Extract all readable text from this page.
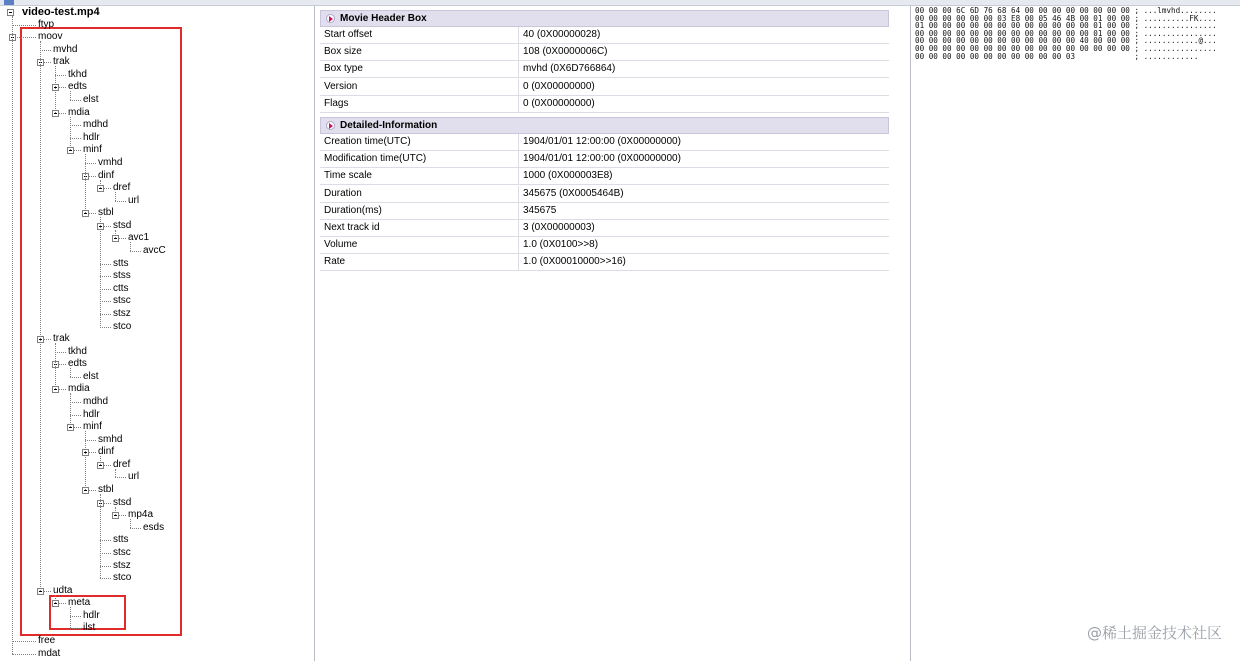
video-test.mp4
ftyp
moov
mvhd
trak
tkhd
edts
elst
mdia
mdhd
hdlr
minf
vmhd
dinf
dref
url
stbl
stsd
avc1
avcC
stts
stss
ctts
stsc
stsz
stco
trak
tkhd
edts
elst
mdia
mdhd
hdlr
minf
smhd
dinf
dref
url
stbl
stsd
mp4a
esds
stts
stsc
stsz
stco
udta
meta
hdlr
ilst
free
mdat
Movie Header Box
Start offset	40 (0X00000028)
Box size	108 (0X0000006C)
Box type	mvhd (0X6D766864)
Version	0 (0X00000000)
Flags	0 (0X00000000)
Detailed-Information
Creation time(UTC)	1904/01/01 12:00:00 (0X00000000)
Modification time(UTC)	1904/01/01 12:00:00 (0X00000000)
Time scale	1000 (0X000003E8)
Duration	345675 (0X0005464B)
Duration(ms)	345675
Next track id	3 (0X00000003)
Volume	1.0 (0X0100>>8)
Rate	1.0 (0X00010000>>16)
00 00 00 6C 6D 76 68 64 00 00 00 00 00 00 00 00 ; ...lmvhd........
00 00 00 00 00 00 03 E8 00 05 46 4B 00 01 00 00 ; ..........FK....
01 00 00 00 00 00 00 00 00 00 00 00 00 01 00 00 ; ................
00 00 00 00 00 00 00 00 00 00 00 00 00 01 00 00 ; ................
00 00 00 00 00 00 00 00 00 00 00 00 40 00 00 00 ; ............@...
00 00 00 00 00 00 00 00 00 00 00 00 00 00 00 00 ; ................
00 00 00 00 00 00 00 00 00 00 00 03             ; ............
@稀土掘金技术社区
